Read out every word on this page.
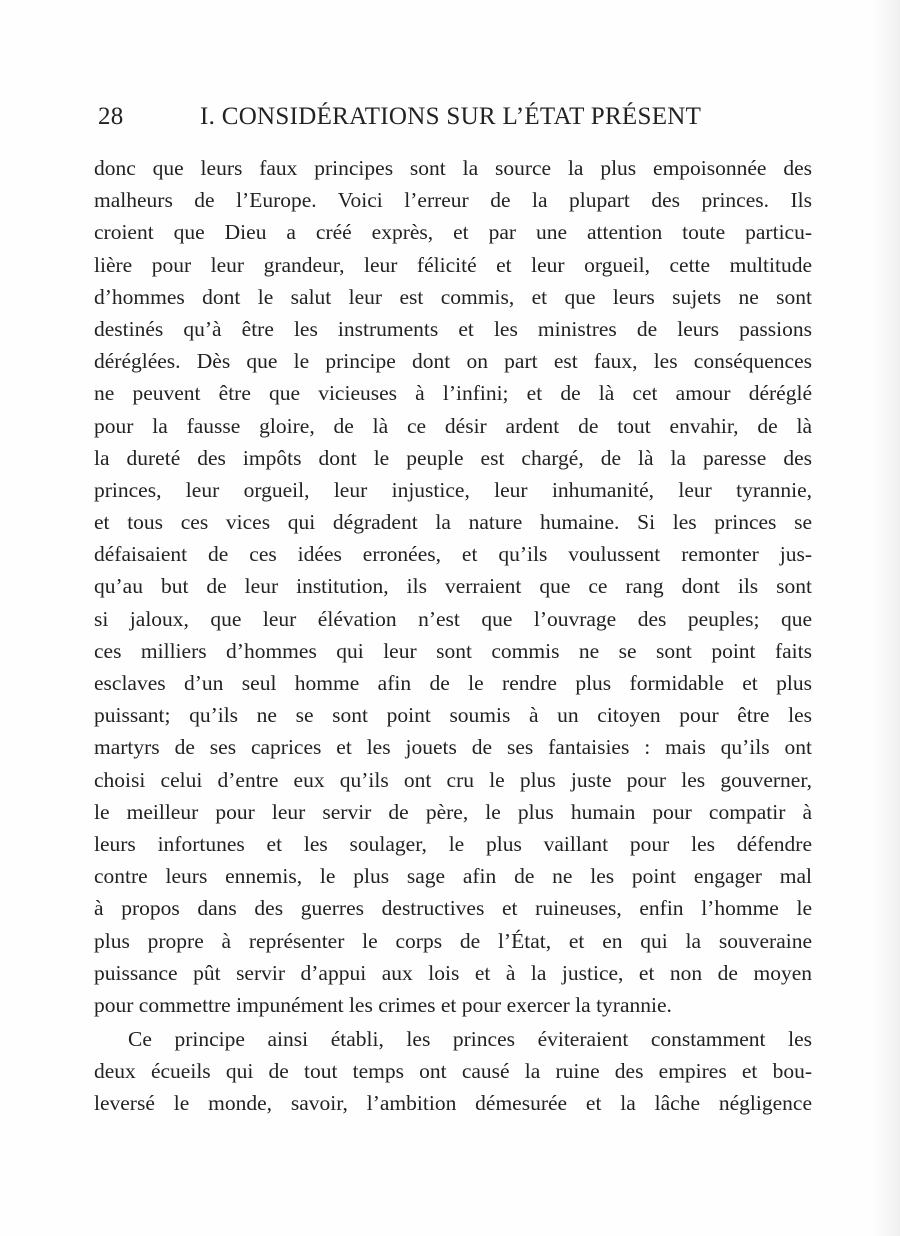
28	I. CONSIDÉRATIONS SUR L’ÉTAT PRÉSENT
donc que leurs faux principes sont la source la plus empoisonnée des
malheurs de l’Europe. Voici l’erreur de la plupart des princes. Ils
croient que Dieu a créé exprès, et par une attention toute particu-
lière pour leur grandeur, leur félicité et leur orgueil, cette multitude
d’hommes dont le salut leur est commis, et que leurs sujets ne sont
destinés qu’à être les instruments et les ministres de leurs passions
déréglées. Dès que le principe dont on part est faux, les conséquences
ne peuvent être que vicieuses à l’infini; et de là cet amour déréglé
pour la fausse gloire, de là ce désir ardent de tout envahir, de là
la dureté des impôts dont le peuple est chargé, de là la paresse des
princes, leur orgueil, leur injustice, leur inhumanité, leur tyrannie,
et tous ces vices qui dégradent la nature humaine. Si les princes se
défaisaient de ces idées erronées, et qu’ils voulussent remonter jus-
qu’au but de leur institution, ils verraient que ce rang dont ils sont
si jaloux, que leur élévation n’est que l’ouvrage des peuples; que
ces milliers d’hommes qui leur sont commis ne se sont point faits
esclaves d’un seul homme afin de le rendre plus formidable et plus
puissant; qu’ils ne se sont point soumis à un citoyen pour être les
martyrs de ses caprices et les jouets de ses fantaisies : mais qu’ils ont
choisi celui d’entre eux qu’ils ont cru le plus juste pour les gouverner,
le meilleur pour leur servir de père, le plus humain pour compatir à
leurs infortunes et les soulager, le plus vaillant pour les défendre
contre leurs ennemis, le plus sage afin de ne les point engager mal
à propos dans des guerres destructives et ruineuses, enfin l’homme le
plus propre à représenter le corps de l’État, et en qui la souveraine
puissance pût servir d’appui aux lois et à la justice, et non de moyen
pour commettre impunément les crimes et pour exercer la tyrannie.
Ce principe ainsi établi, les princes éviteraient constamment les
deux écueils qui de tout temps ont causé la ruine des empires et bou-
leversé le monde, savoir, l’ambition démesurée et la lâche négligence
